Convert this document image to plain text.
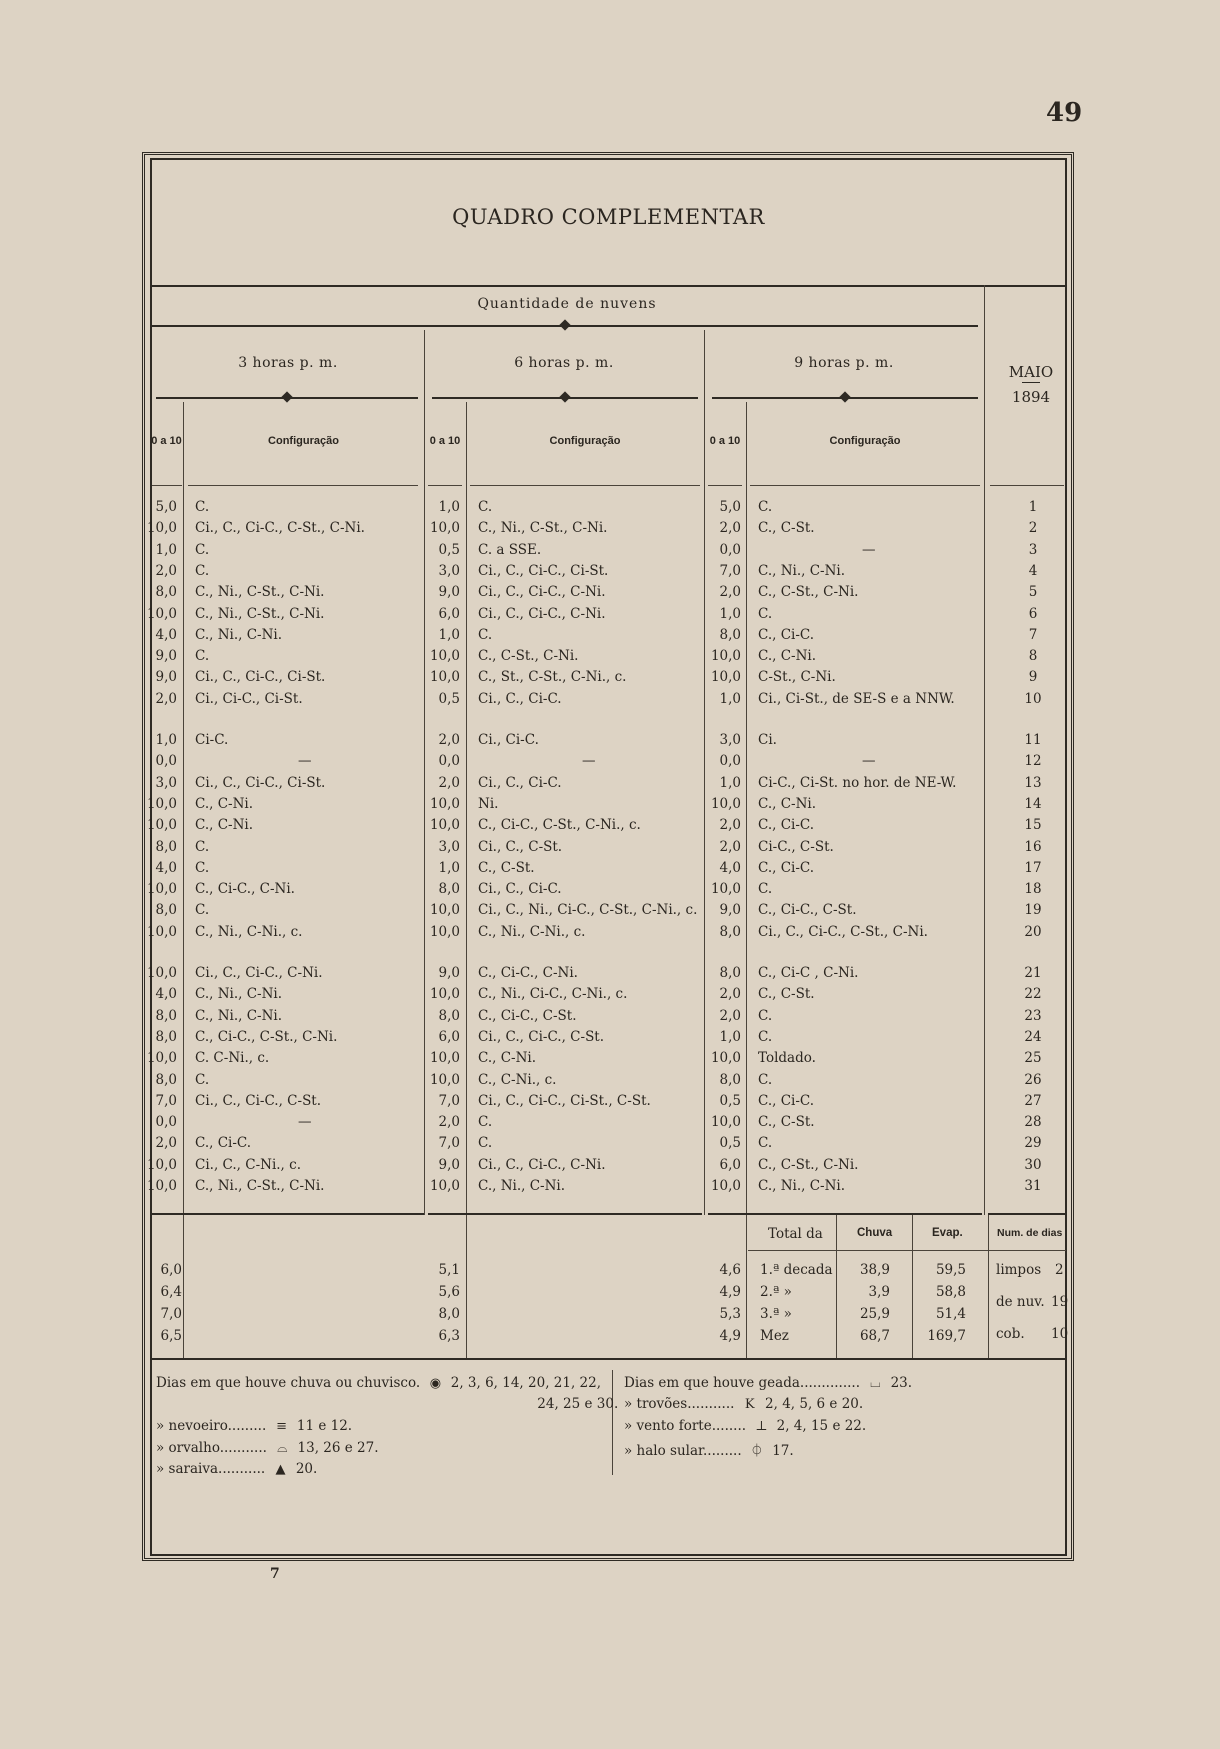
49
QUADRO COMPLEMENTAR
Quantidade de nuvens
3 horas p. m.	6 horas p. m.	9 horas p. m.	MAIO
1894
0 a 10	Configuração	0 a 10	Configuração	0 a 10	Configuração
5,0 C.	1,0 C.	5,0 C.	1
10,0 Ci., C., Ci-C., C-St., C-Ni.	10,0 C., Ni., C-St., C-Ni.	2,0 C., C-St.	2
1,0 C.	0,5 C. a SSE.	0,0	—	3
2,0 C.	3,0 Ci., C., Ci-C., Ci-St.	7,0 C., Ni., C-Ni.	4
8,0 C., Ni., C-St., C-Ni.	9,0 Ci., C., Ci-C., C-Ni.	2,0 C., C-St., C-Ni.	5
10,0 C., Ni., C-St., C-Ni.	6,0 Ci., C., Ci-C., C-Ni.	1,0 C.	6
4,0 C., Ni., C-Ni.	1,0 C.	8,0 C., Ci-C.	7
9,0 C.	10,0 C., C-St., C-Ni.	10,0 C., C-Ni.	8
9,0 Ci., C., Ci-C., Ci-St.	10,0 C., St., C-St., C-Ni., c.	10,0 C-St., C-Ni.	9
2,0 Ci., Ci-C., Ci-St.	0,5 Ci., C., Ci-C.	1,0 Ci., Ci-St., de SE-S e a NNW.	10
1,0 Ci-C.	2,0 Ci., Ci-C.	3,0 Ci.	11
0,0	—	0,0	—	0,0	—	12
3,0 Ci., C., Ci-C., Ci-St.	2,0 Ci., C., Ci-C.	1,0 Ci-C., Ci-St. no hor. de NE-W.	13
10,0 C., C-Ni.	10,0 Ni.	10,0 C., C-Ni.	14
10,0 C., C-Ni.	10,0 C., Ci-C., C-St., C-Ni., c.	2,0 C., Ci-C.	15
8,0 C.	3,0 Ci., C., C-St.	2,0 Ci-C., C-St.	16
4,0 C.	1,0 C., C-St.	4,0 C., Ci-C.	17
10,0 C., Ci-C., C-Ni.	8,0 Ci., C., Ci-C.	10,0 C.	18
8,0 C.	10,0 Ci., C., Ni., Ci-C., C-St., C-Ni., c.	9,0 C., Ci-C., C-St.	19
10,0 C., Ni., C-Ni., c.	10,0 C., Ni., C-Ni., c.	8,0 Ci., C., Ci-C., C-St., C-Ni.	20
10,0 Ci., C., Ci-C., C-Ni.	9,0 C., Ci-C., C-Ni.	8,0 C., Ci-C , C-Ni.	21
4,0 C., Ni., C-Ni.	10,0 C., Ni., Ci-C., C-Ni., c.	2,0 C., C-St.	22
8,0 C., Ni., C-Ni.	8,0 C., Ci-C., C-St.	2,0 C.	23
8,0 C., Ci-C., C-St., C-Ni.	6,0 Ci., C., Ci-C., C-St.	1,0 C.	24
10,0 C. C-Ni., c.	10,0 C., C-Ni.	10,0 Toldado.	25
8,0 C.	10,0 C., C-Ni., c.	8,0 C.	26
7,0 Ci., C., Ci-C., C-St.	7,0 Ci., C., Ci-C., Ci-St., C-St.	0,5 C., Ci-C.	27
0,0	—	2,0 C.	10,0 C., C-St.	28
2,0 C., Ci-C.	7,0 C.	0,5 C.	29
10,0 Ci., C., C-Ni., c.	9,0 Ci., C., Ci-C., C-Ni.	6,0 C., C-St., C-Ni.	30
10,0 C., Ni., C-St., C-Ni.	10,0 C., Ni., C-Ni.	10,0 C., Ni., C-Ni.	31
Total da	Chuva	Evap.	Num. de dias
6,0	5,1	4,6 1.ª decada	38,9	59,5
6,4	5,6	4,9 2.ª »	3,9	58,8
7,0	8,0	5,3 3.ª »	25,9	51,4
6,5	6,3	4,9 Mez	68,7	169,7
limpos 2
de nuv. 19
cob. 10
Dias em que houve chuva ou chuvisco. ◉ 2, 3, 6, 14, 20, 21, 22,
24, 25 e 30.
» nevoeiro......... ≡ 11 e 12.
» orvalho........... ⌓ 13, 26 e 27.
» saraiva........... ▲ 20.
Dias em que houve geada.............. ⌴ 23.
» trovões........... K 2, 4, 5, 6 e 20.
» vento forte........ ⊥ 2, 4, 15 e 22.
» halo sular......... ⏀ 17.
7
